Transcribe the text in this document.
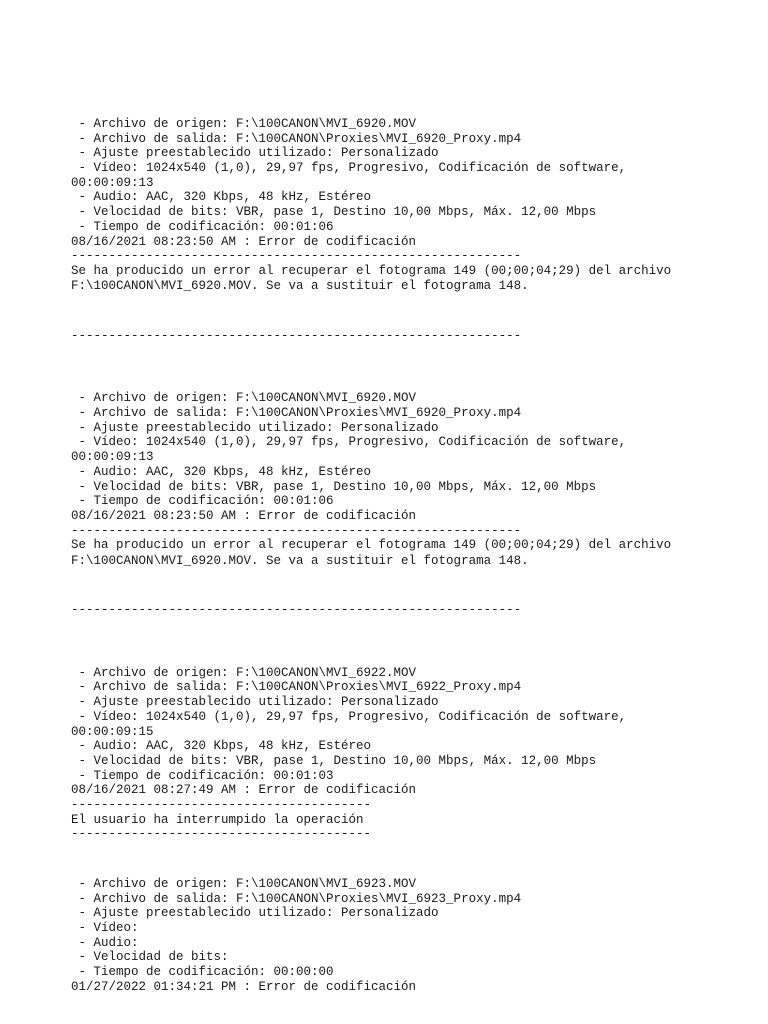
- Archivo de origen: F:\100CANON\MVI_6920.MOV
- Archivo de salida: F:\100CANON\Proxies\MVI_6920_Proxy.mp4
- Ajuste preestablecido utilizado: Personalizado
- Vídeo: 1024x540 (1,0), 29,97 fps, Progresivo, Codificación de software,
00:00:09:13
- Audio: AAC, 320 Kbps, 48 kHz, Estéreo
- Velocidad de bits: VBR, pase 1, Destino 10,00 Mbps, Máx. 12,00 Mbps
- Tiempo de codificación: 00:01:06
08/16/2021 08:23:50 AM : Error de codificación
------------------------------------------------------------
Se ha producido un error al recuperar el fotograma 149 (00;00;04;29) del archivo F:\100CANON\MVI_6920.MOV. Se va a sustituir el fotograma 148.
------------------------------------------------------------
- Archivo de origen: F:\100CANON\MVI_6920.MOV
- Archivo de salida: F:\100CANON\Proxies\MVI_6920_Proxy.mp4
- Ajuste preestablecido utilizado: Personalizado
- Vídeo: 1024x540 (1,0), 29,97 fps, Progresivo, Codificación de software,
00:00:09:13
- Audio: AAC, 320 Kbps, 48 kHz, Estéreo
- Velocidad de bits: VBR, pase 1, Destino 10,00 Mbps, Máx. 12,00 Mbps
- Tiempo de codificación: 00:01:06
08/16/2021 08:23:50 AM : Error de codificación
------------------------------------------------------------
Se ha producido un error al recuperar el fotograma 149 (00;00;04;29) del archivo F:\100CANON\MVI_6920.MOV. Se va a sustituir el fotograma 148.
------------------------------------------------------------
- Archivo de origen: F:\100CANON\MVI_6922.MOV
- Archivo de salida: F:\100CANON\Proxies\MVI_6922_Proxy.mp4
- Ajuste preestablecido utilizado: Personalizado
- Vídeo: 1024x540 (1,0), 29,97 fps, Progresivo, Codificación de software,
00:00:09:15
- Audio: AAC, 320 Kbps, 48 kHz, Estéreo
- Velocidad de bits: VBR, pase 1, Destino 10,00 Mbps, Máx. 12,00 Mbps
- Tiempo de codificación: 00:01:03
08/16/2021 08:27:49 AM : Error de codificación
----------------------------------------
El usuario ha interrumpido la operación
----------------------------------------
- Archivo de origen: F:\100CANON\MVI_6923.MOV
- Archivo de salida: F:\100CANON\Proxies\MVI_6923_Proxy.mp4
- Ajuste preestablecido utilizado: Personalizado
- Vídeo:
- Audio:
- Velocidad de bits:
- Tiempo de codificación: 00:00:00
01/27/2022 01:34:21 PM : Error de codificación
